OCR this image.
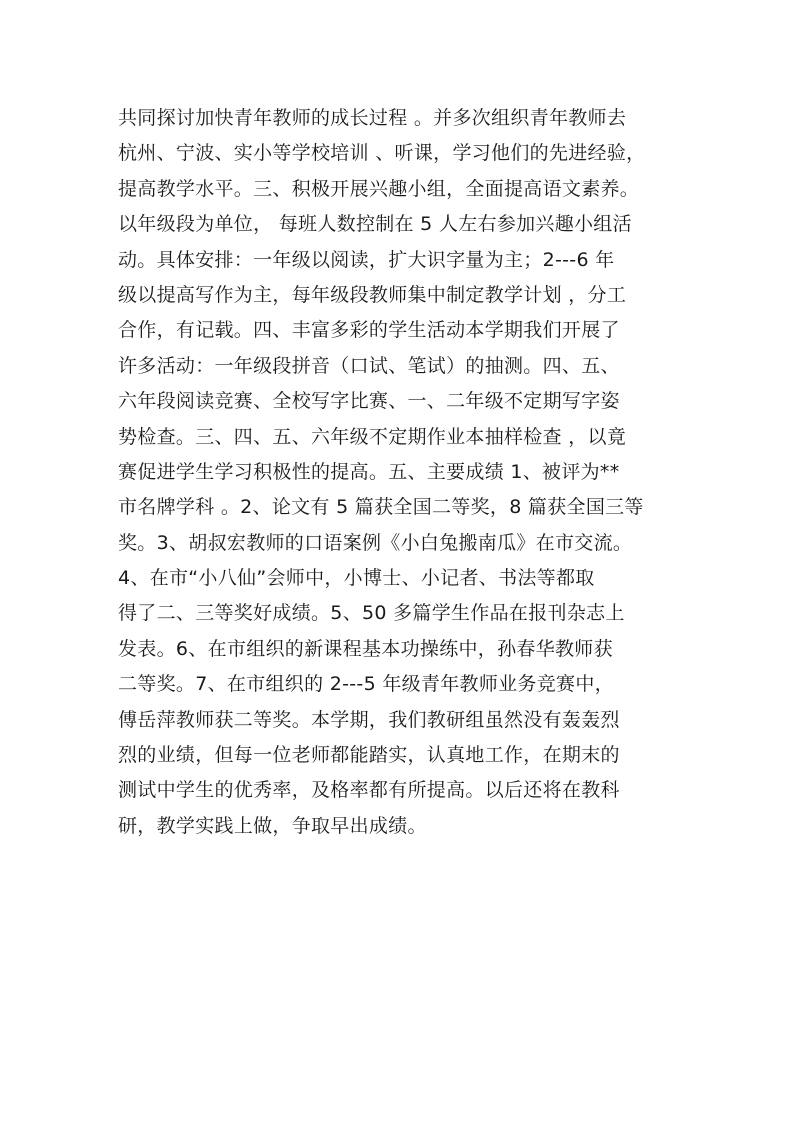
共同探讨加快青年教师的成长过程 。并多次组织青年教师去
杭州、宁波、实小等学校培训 、听课，学习他们的先进经验，
提高教学水平。三、积极开展兴趣小组，全面提高语文素养。
以年级段为单位， 每班人数控制在 5 人左右参加兴趣小组活
动。具体安排：一年级以阅读，扩大识字量为主；2---6 年
级以提高写作为主，每年级段教师集中制定教学计划 ，分工
合作，有记载。四、丰富多彩的学生活动本学期我们开展了
许多活动：一年级段拼音（口试、笔试）的抽测。四、五、
六年段阅读竞赛、全校写字比赛、一、二年级不定期写字姿
势检查。三、四、五、六年级不定期作业本抽样检查 ，以竟
赛促进学生学习积极性的提高。五、主要成绩 1、被评为**
市名牌学科 。2、论文有 5 篇获全国二等奖，8 篇获全国三等
奖。3、胡叔宏教师的口语案例《小白兔搬南瓜》在市交流。
4、在市“小八仙”会师中，小博士、小记者、书法等都取
得了二、三等奖好成绩。5、50 多篇学生作品在报刊杂志上
发表。6、在市组织的新课程基本功操练中，孙春华教师获
二等奖。7、在市组织的 2---5 年级青年教师业务竞赛中，
傅岳萍教师获二等奖。本学期，我们教研组虽然没有轰轰烈
烈的业绩，但每一位老师都能踏实，认真地工作，在期末的
测试中学生的优秀率，及格率都有所提高。以后还将在教科
研，教学实践上做，争取早出成绩。
